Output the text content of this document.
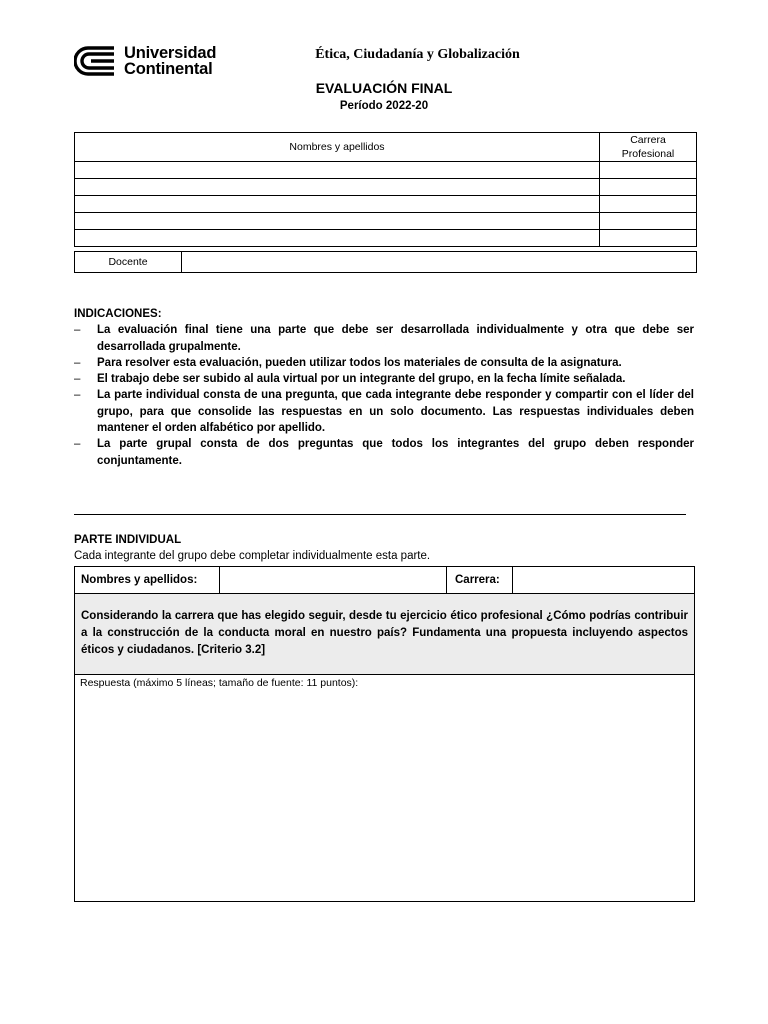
Universidad
Continental
Ética, Ciudadanía y Globalización
EVALUACIÓN FINAL
Período 2022-20
Nombres y apellidos	Carrera
Profesional

Docente	
INDICACIONES:
– La evaluación final tiene una parte que debe ser desarrollada individualmente y otra que debe ser desarrollada grupalmente.
– Para resolver esta evaluación, pueden utilizar todos los materiales de consulta de la asignatura.
– El trabajo debe ser subido al aula virtual por un integrante del grupo, en la fecha límite señalada.
– La parte individual consta de una pregunta, que cada integrante debe responder y compartir con el líder del grupo, para que consolide las respuestas en un solo documento. Las respuestas individuales deben mantener el orden alfabético por apellido.
– La parte grupal consta de dos preguntas que todos los integrantes del grupo deben responder conjuntamente.
PARTE INDIVIDUAL
Cada integrante del grupo debe completar individualmente esta parte.
Nombres y apellidos:	Carrera:
Considerando la carrera que has elegido seguir, desde tu ejercicio ético profesional ¿Cómo podrías contribuir a la construcción de la conducta moral en nuestro país? Fundamenta una propuesta incluyendo aspectos éticos y ciudadanos. [Criterio 3.2]
Respuesta (máximo 5 líneas; tamaño de fuente: 11 puntos):
